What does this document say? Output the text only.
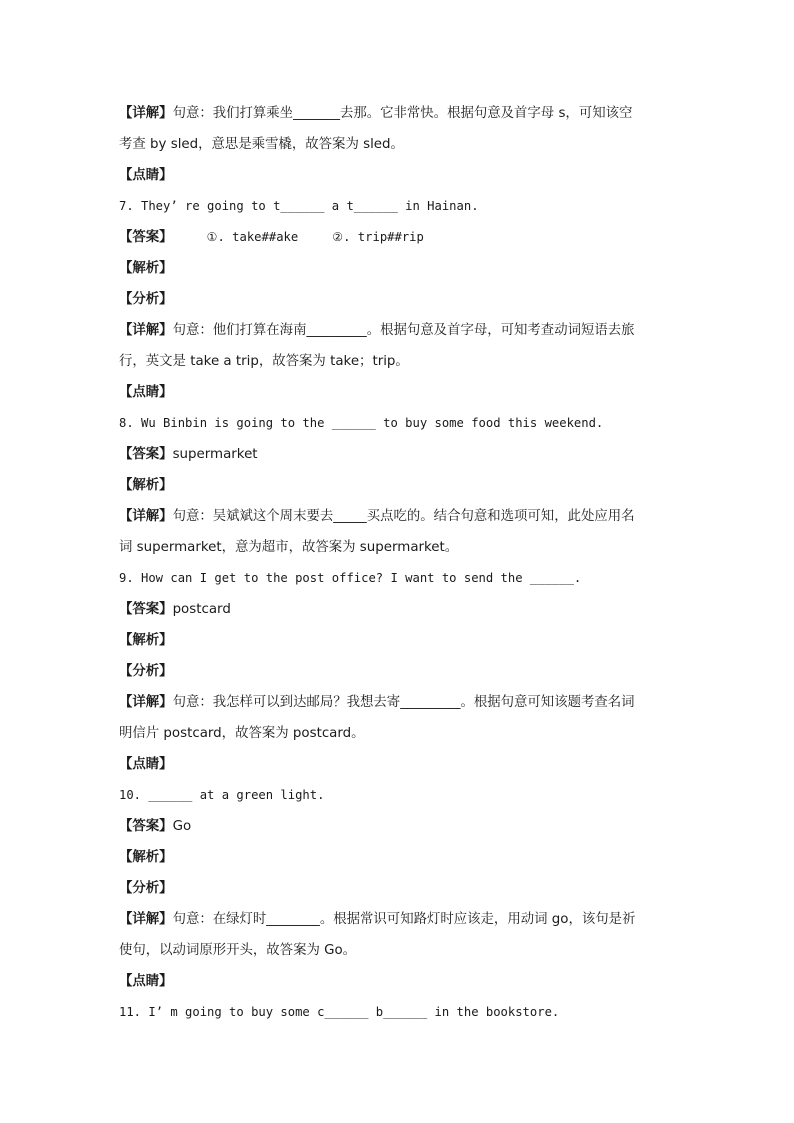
【详解】句意：我们打算乘坐_______去那。它非常快。根据句意及首字母 s，可知该空
考查 by sled，意思是乘雪橇，故答案为 sled。
【点睛】
7. They’ re going to t______ a t______ in Hainan.
【答案】	①. take##ake	②. trip##rip
【解析】
【分析】
【详解】句意：他们打算在海南_________。根据句意及首字母，可知考查动词短语去旅
行，英文是 take a trip，故答案为 take；trip。
【点睛】
8. Wu Binbin is going to the ______ to buy some food this weekend.
【答案】supermarket
【解析】
【详解】句意：吴斌斌这个周末要去_____买点吃的。结合句意和选项可知，此处应用名
词 supermarket，意为超市，故答案为 supermarket。
9. How can I get to the post office? I want to send the ______.
【答案】postcard
【解析】
【分析】
【详解】句意：我怎样可以到达邮局？我想去寄_________。根据句意可知该题考查名词
明信片 postcard，故答案为 postcard。
【点睛】
10. ______ at a green light.
【答案】Go
【解析】
【分析】
【详解】句意：在绿灯时________。根据常识可知路灯时应该走，用动词 go，该句是祈
使句，以动词原形开头，故答案为 Go。
【点睛】
11. I’ m going to buy some c______ b______ in the bookstore.
